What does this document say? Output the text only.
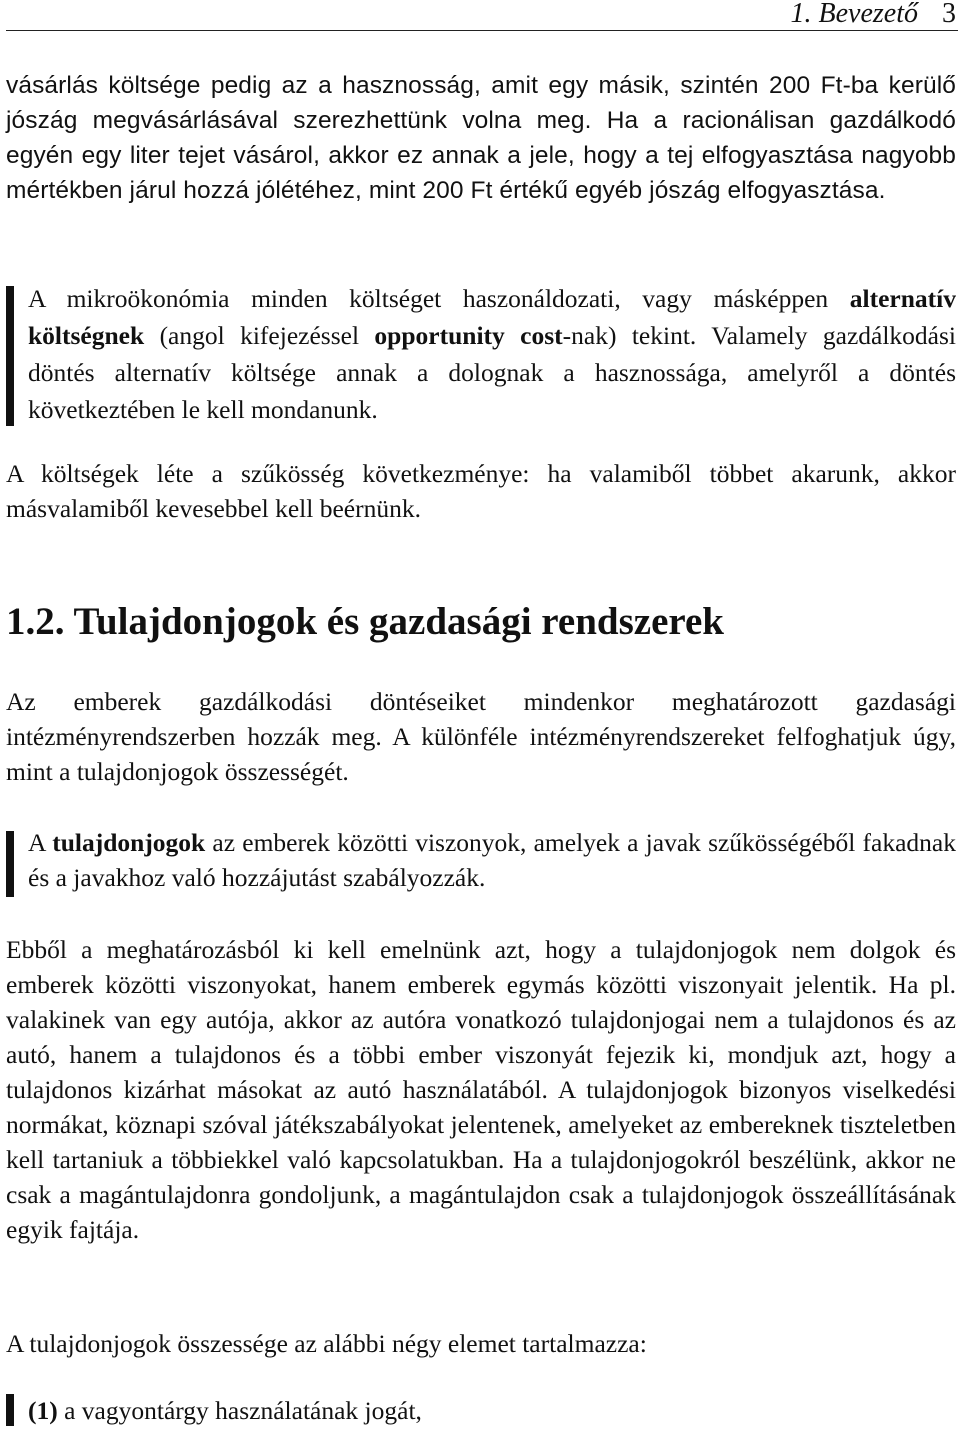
1. Bevezető 3

vásárlás költsége pedig az a hasznosság, amit egy másik, szintén 200 Ft-ba kerülő jószág megvásárlásával szerezhettünk volna meg. Ha a racionálisan gazdálkodó egyén egy liter tejet vásárol, akkor ez annak a jele, hogy a tej elfogyasztása nagyobb mértékben járul hozzá jólétéhez, mint 200 Ft értékű egyéb jószág elfogyasztása.

A mikroökonómia minden költséget haszonáldozati, vagy másképpen alternatív költségnek (angol kifejezéssel opportunity cost-nak) tekint. Valamely gazdálkodási döntés alternatív költsége annak a dolognak a hasznossága, amelyről a döntés következtében le kell mondanunk.

A költségek léte a szűkösség következménye: ha valamiből többet akarunk, akkor másvalamiből kevesebbel kell beérnünk.

1.2. Tulajdonjogok és gazdasági rendszerek

Az emberek gazdálkodási döntéseiket mindenkor meghatározott gazdasági intézményrendszerben hozzák meg. A különféle intézményrendszereket felfoghatjuk úgy, mint a tulajdonjogok összességét.

A tulajdonjogok az emberek közötti viszonyok, amelyek a javak szűkösségéből fakadnak és a javakhoz való hozzájutást szabályozzák.

Ebből a meghatározásból ki kell emelnünk azt, hogy a tulajdonjogok nem dolgok és emberek közötti viszonyokat, hanem emberek egymás közötti viszonyait jelentik. Ha pl. valakinek van egy autója, akkor az autóra vonatkozó tulajdonjogai nem a tulajdonos és az autó, hanem a tulajdonos és a többi ember viszonyát fejezik ki, mondjuk azt, hogy a tulajdonos kizárhat másokat az autó használatából. A tulajdonjogok bizonyos viselkedési normákat, köznapi szóval játékszabályokat jelentenek, amelyeket az embereknek tiszteletben kell tartaniuk a többiekkel való kapcsolatukban. Ha a tulajdonjogokról beszélünk, akkor ne csak a magántulajdonra gondoljunk, a magántulajdon csak a tulajdonjogok összeállításának egyik fajtája.

A tulajdonjogok összessége az alábbi négy elemet tartalmazza:

(1) a vagyontárgy használatának jogát,
